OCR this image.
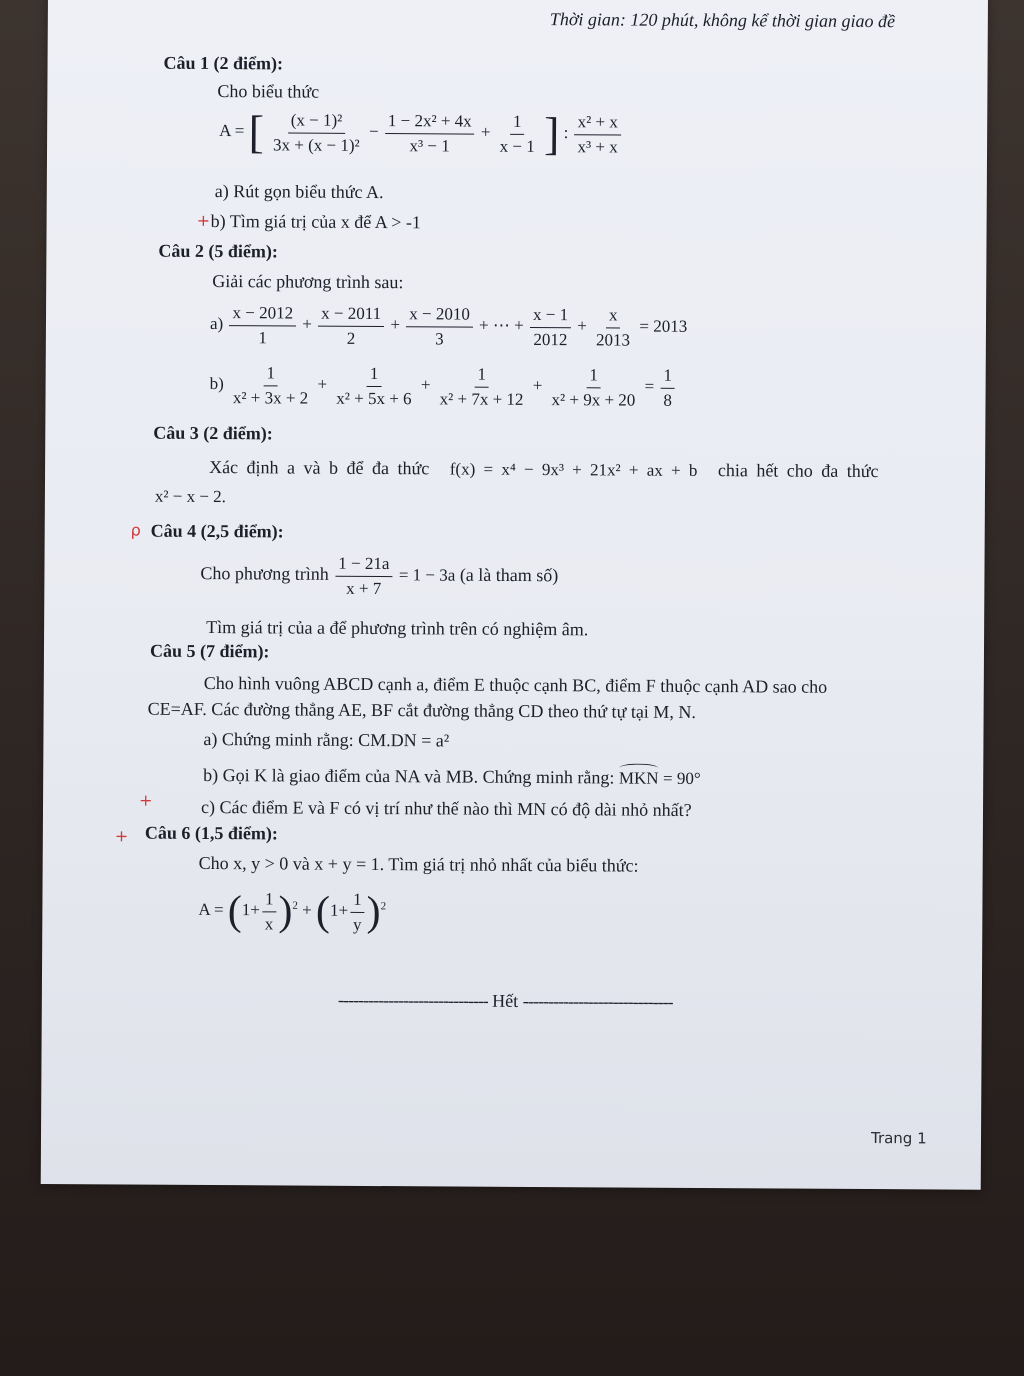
Thời gian: 120 phút, không kể thời gian giao đề
Câu 1 (2 điểm):
Cho biểu thức
A = [ $\frac{\text{(x − 1)²}}{\text{3x + (x − 1)²}} - \frac{\text{1 − 2x² + 4x}}{\text{x³ − 1}} + \frac{1}{x - 1}$ ] : $\frac{\text{x² + x}}{\text{x³ + x}}$
a) Rút gọn biểu thức A.
+ b) Tìm giá trị của x để A > -1
Câu 2 (5 điểm):
Giải các phương trình sau:
$a) \frac{x - 2012}{1} + \frac{x - 2011}{2} + \frac{x - 2010}{3}$ + ⋯ + $\frac{x - 1}{2012} + \frac{x}{2013} = 2013$
$b) \frac{1}{\text{x² + 3x + 2}} + \frac{1}{\text{x² + 5x + 6}} + \frac{1}{\text{x² + 7x + 12}} + \frac{1}{\text{x² + 9x + 20}} = \frac{1}{8}$
Câu 3 (2 điểm):
Xác định a và b để đa thức f(x) = x⁴ − 9x³ + 21x² + ax + b chia hết cho đa thức
x² − x − 2.
ρ Câu 4 (2,5 điểm):
Cho phương trình $\frac{1 - 21a}{x + 7} = 1 - 3a$ (a là tham số)
Tìm giá trị của a để phương trình trên có nghiệm âm.
Câu 5 (7 điểm):
Cho hình vuông ABCD cạnh a, điểm E thuộc cạnh BC, điểm F thuộc cạnh AD sao cho
CE=AF. Các đường thẳng AE, BF cắt đường thẳng CD theo thứ tự tại M, N.
a) Chứng minh rằng: CM.DN = a²
b) Gọi K là giao điểm của NA và MB. Chứng minh rằng: MKN = 90°
+	c) Các điểm E và F có vị trí như thế nào thì MN có độ dài nhỏ nhất?
+ Câu 6 (1,5 điểm):
Cho x, y > 0 và x + y = 1. Tìm giá trị nhỏ nhất của biểu thức:
$A = (1+ \frac{1}{x} )^2 + (1+ \frac{1}{y} )^2$
------------------------------ Hết ------------------------------
Trang 1
